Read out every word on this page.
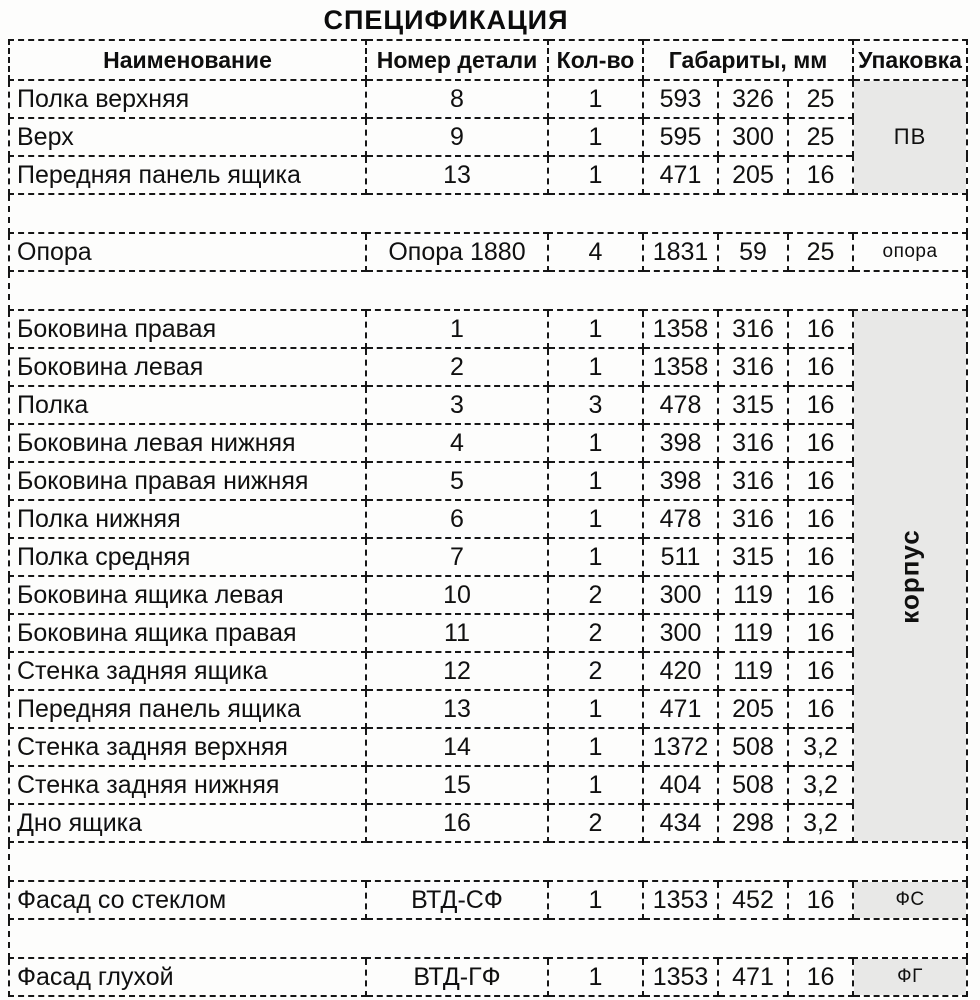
СПЕЦИФИКАЦИЯ
Наименование	Номер детали	Кол-во	Габариты, мм			Упаковка
Полка верхняя	8	1	593	326	25	ПВ
Верх	9	1	595	300	25	
Передняя панель ящика	13	1	471	205	16	

Опора	Опора 1880	4	1831	59	25	опора

Боковина правая	1	1	1358	316	16	корпус
Боковина левая	2	1	1358	316	16	
Полка	3	3	478	315	16	
Боковина левая нижняя	4	1	398	316	16	
Боковина правая нижняя	5	1	398	316	16	
Полка нижняя	6	1	478	316	16	
Полка средняя	7	1	511	315	16	
Боковина ящика левая	10	2	300	119	16	
Боковина ящика правая	11	2	300	119	16	
Стенка задняя ящика	12	2	420	119	16	
Передняя панель ящика	13	1	471	205	16	
Стенка задняя верхняя	14	1	1372	508	3,2	
Стенка задняя нижняя	15	1	404	508	3,2	
Дно ящика	16	2	434	298	3,2	

Фасад со стеклом	ВТД-СФ	1	1353	452	16	ФС

Фасад глухой	ВТД-ГФ	1	1353	471	16	ФГ
